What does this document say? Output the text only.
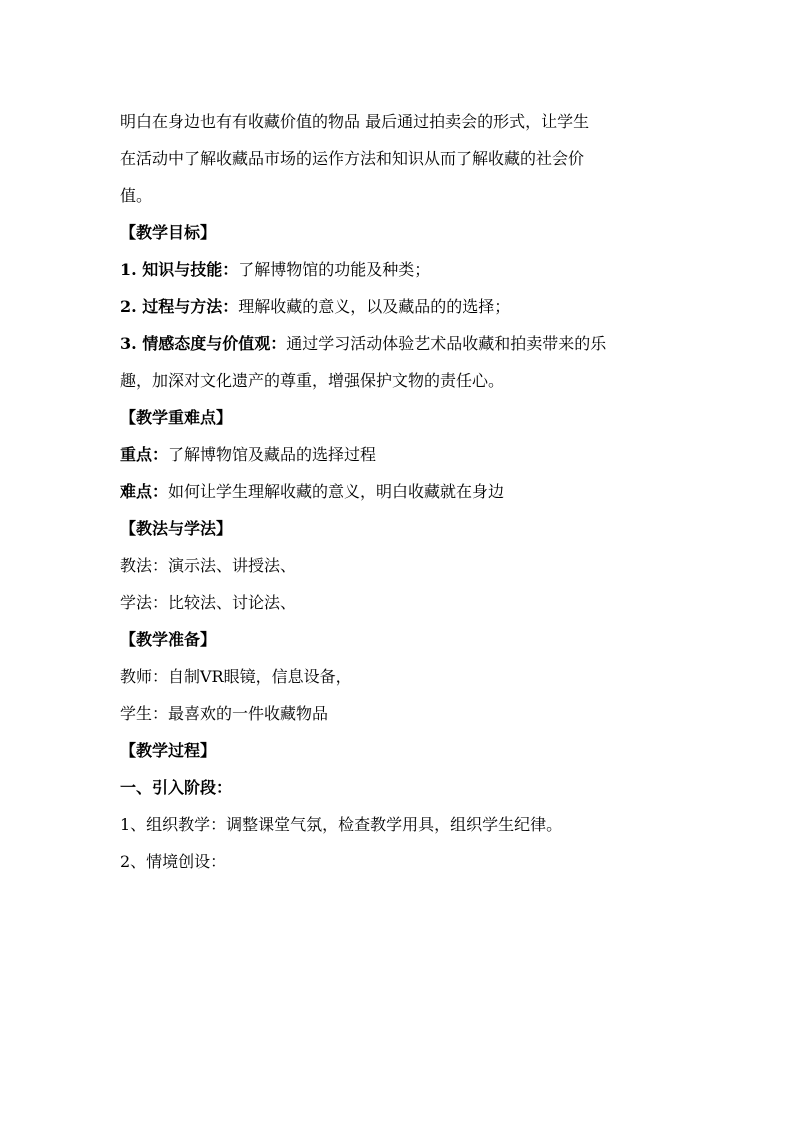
明白在身边也有有收藏价值的物品 最后通过拍卖会的形式，让学生
在活动中了解收藏品市场的运作方法和知识从而了解收藏的社会价
值。
【教学目标】
1. 知识与技能：了解博物馆的功能及种类；
2. 过程与方法：理解收藏的意义，以及藏品的的选择；
3. 情感态度与价值观：通过学习活动体验艺术品收藏和拍卖带来的乐
趣，加深对文化遗产的尊重，增强保护文物的责任心。
【教学重难点】
重点：了解博物馆及藏品的选择过程
难点：如何让学生理解收藏的意义，明白收藏就在身边
【教法与学法】
教法：演示法、讲授法、
学法：比较法、讨论法、
【教学准备】
教师：自制VR眼镜，信息设备，
学生：最喜欢的一件收藏物品
【教学过程】
一、引入阶段：
1、组织教学：调整课堂气氛，检查教学用具，组织学生纪律。
2、情境创设：
